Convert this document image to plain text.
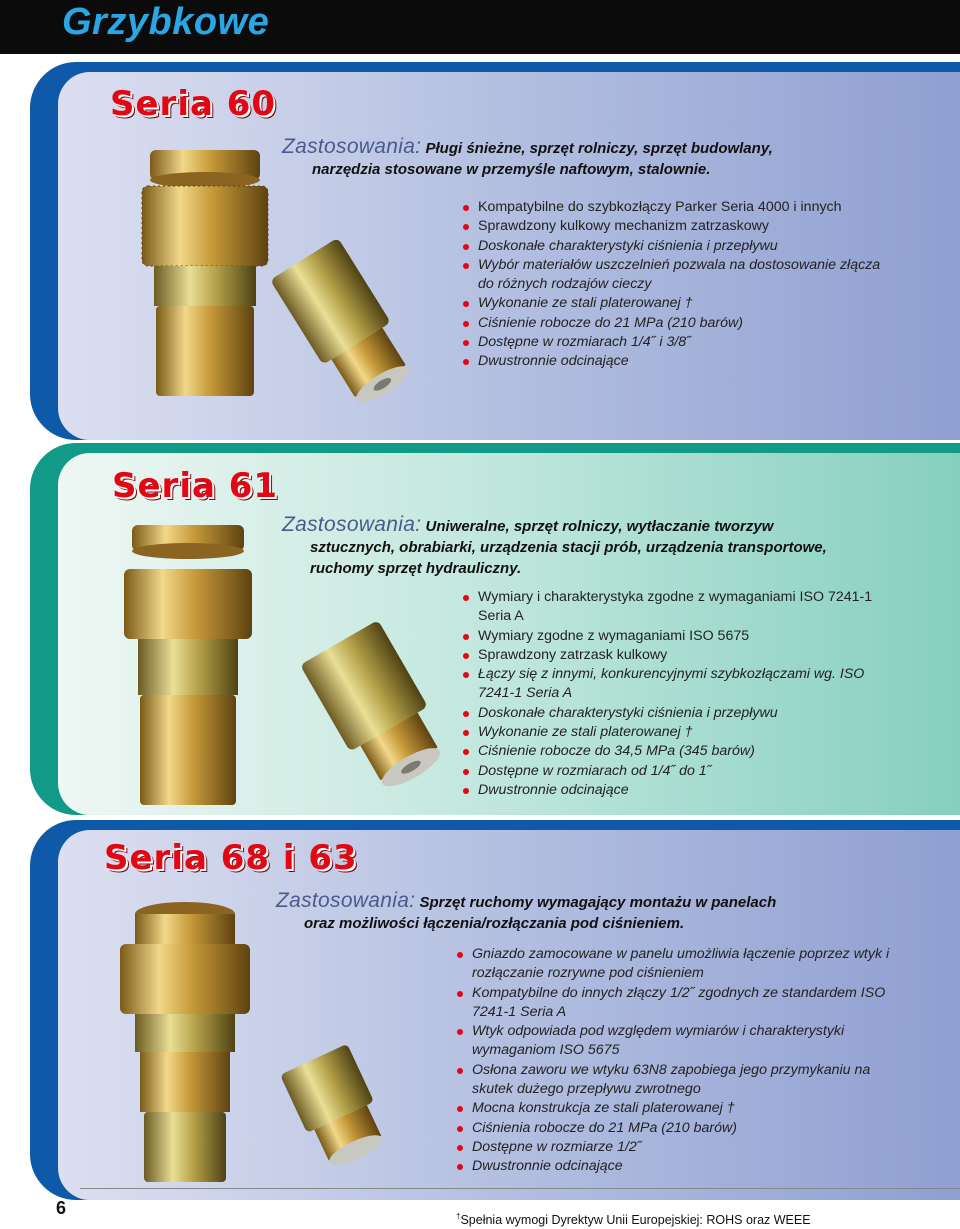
Grzybkowe
Seria 60
Zastosowania: Pługi śnieżne, sprzęt rolniczy, sprzęt budowlany,
narzędzia stosowane w przemyśle naftowym, stalownie.
Kompatybilne do szybkozłączy Parker Seria 4000 i innych
Sprawdzony kulkowy mechanizm zatrzaskowy
Doskonałe charakterystyki ciśnienia i przepływu
Wybór materiałów uszczelnień pozwala na dostosowanie złącza do różnych rodzajów cieczy
Wykonanie ze stali platerowanej †
Ciśnienie robocze do 21 MPa (210 barów)
Dostępne w rozmiarach 1/4˝ i 3/8˝
Dwustronnie odcinające
Seria 61
Zastosowania: Uniweralne, sprzęt rolniczy, wytłaczanie tworzyw
sztucznych, obrabiarki, urządzenia stacji prób, urządzenia transportowe,
ruchomy sprzęt hydrauliczny.
Wymiary i charakterystyka zgodne z wymaganiami ISO 7241-1 Seria A
Wymiary zgodne z wymaganiami ISO 5675
Sprawdzony zatrzask kulkowy
Łączy się z innymi, konkurencyjnymi szybkozłączami wg. ISO 7241-1 Seria A
Doskonałe charakterystyki ciśnienia i przepływu
Wykonanie ze stali platerowanej †
Ciśnienie robocze do 34,5 MPa (345 barów)
Dostępne w rozmiarach od 1/4˝ do 1˝
Dwustronnie odcinające
Seria 68 i 63
Zastosowania: Sprzęt ruchomy wymagający montażu w panelach
oraz możliwości łączenia/rozłączania pod ciśnieniem.
Gniazdo zamocowane w panelu umożliwia łączenie poprzez wtyk i rozłączanie rozrywne pod ciśnieniem
Kompatybilne do innych złączy 1/2˝ zgodnych ze standardem ISO 7241-1 Seria A
Wtyk odpowiada pod względem wymiarów i charakterystyki wymaganiom ISO 5675
Osłona zaworu we wtyku 63N8 zapobiega jego przymykaniu na skutek dużego przepływu zwrotnego
Mocna konstrukcja ze stali platerowanej †
Ciśnienia robocze do 21 MPa (210 barów)
Dostępne w rozmiarze 1/2˝
Dwustronnie odcinające
6	†Spełnia wymogi Dyrektyw Unii Europejskiej: ROHS oraz WEEE
